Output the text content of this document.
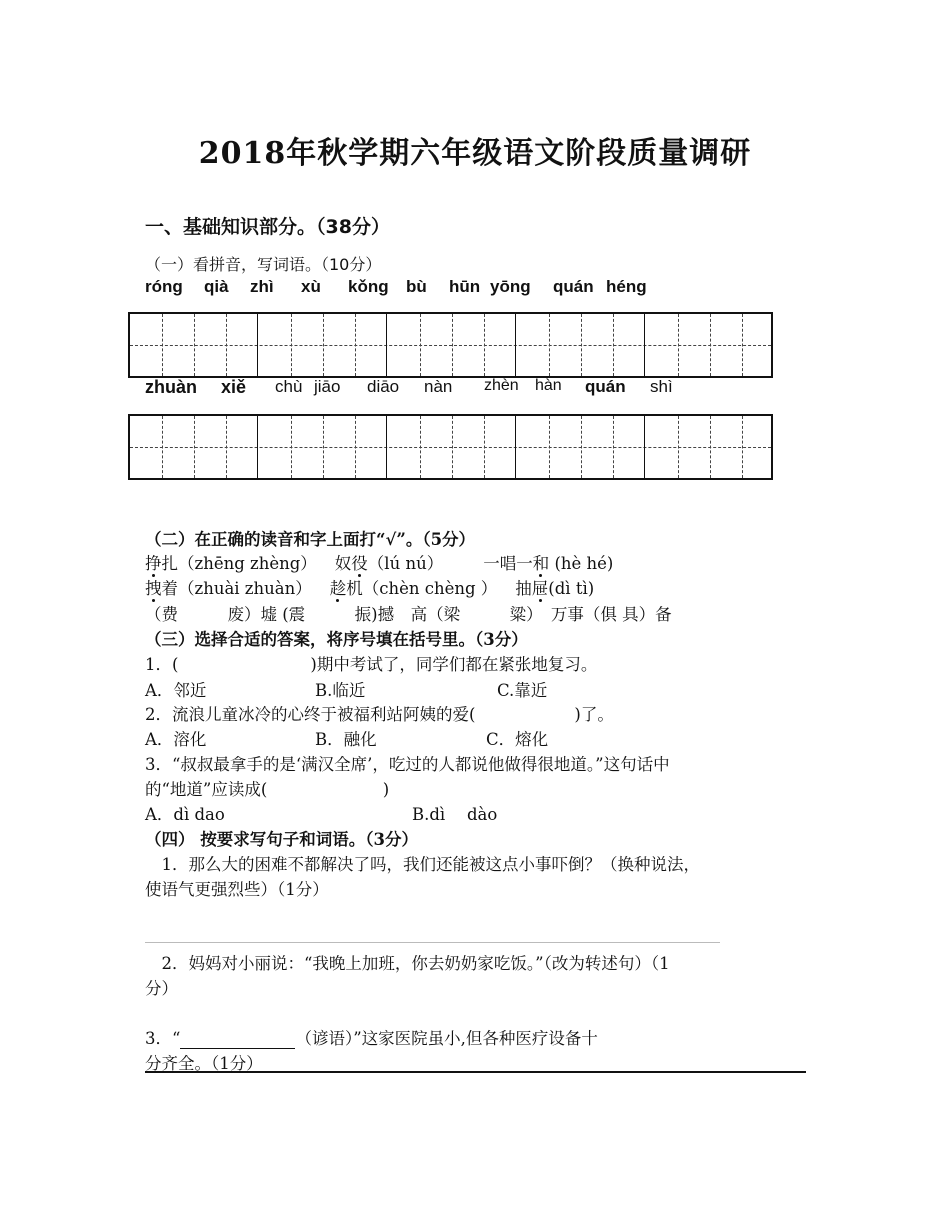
2018年秋学期六年级语文阶段质量调研
一、基础知识部分。（38分）
（一）看拼音，写词语。（10分）
róng qià zhì xù kǒng bù hūn yōng quán héng
zhuàn xiě chù jiāo diāo nàn zhèn hàn quán shì
（二）在正确的读音和字上面打“√”。（5分）
挣扎（zhēng zhèng） 奴役（lú nú） 一唱一和 (hè hé)
拽着（zhuài zhuàn） 趁机（chèn chèng ） 抽屉(dì tì)
（费　　　废）墟 (震　　　振)撼　高（梁　　　粱）　万事（俱 具）备
（三）选择合适的答案，将序号填在括号里。（3分）
1．(　　　　　　　　)期中考试了，同学们都在紧张地复习。
A．邻近	B.临近	C.靠近
2．流浪儿童冰冷的心终于被福利站阿姨的爱(　　　　　　)了。
A．溶化	B．融化	C．熔化
3．“叔叔最拿手的是‘满汉全席’，吃过的人都说他做得很地道。”这句话中
的“地道”应读成(　　　　　　　)
A．dì dao	B.dì　 dào
（四） 按要求写句子和词语。（3分）
　1．那么大的困难不都解决了吗，我们还能被这点小事吓倒？（换种说法，
使语气更强烈些）（1分）
　2．妈妈对小丽说：“我晚上加班，你去奶奶家吃饭。”（改为转述句）（1
分）
3．“	（谚语）”这家医院虽小,但各种医疗设备十
分齐全。（1分）
